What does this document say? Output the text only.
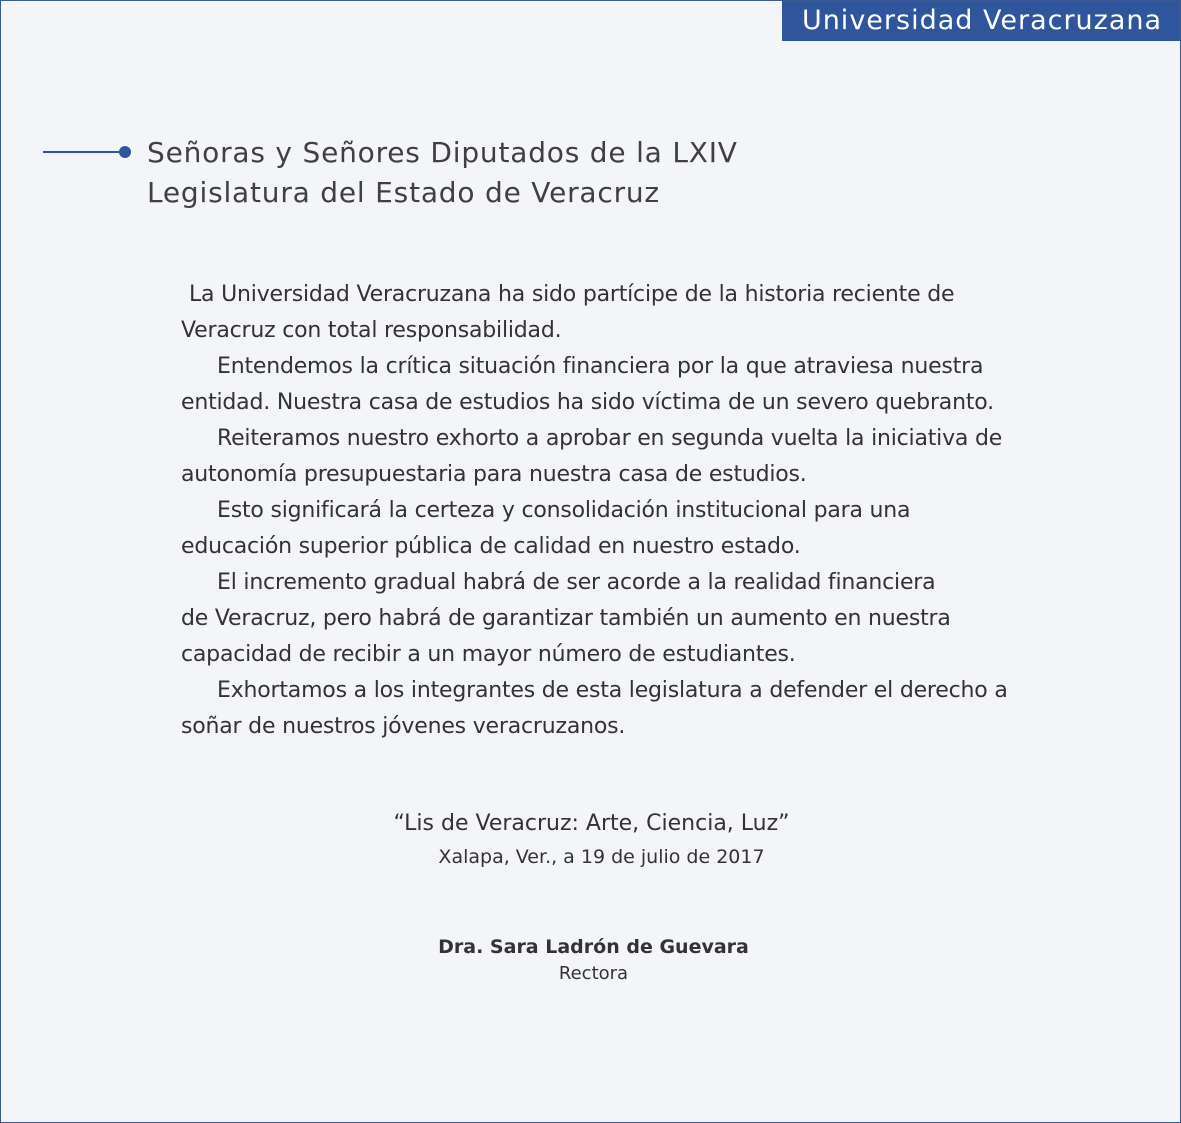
Universidad Veracruzana
Señoras y Señores Diputados de la LXIV
Legislatura del Estado de Veracruz
La Universidad Veracruzana ha sido partícipe de la historia reciente de
Veracruz con total responsabilidad.
Entendemos la crítica situación financiera por la que atraviesa nuestra
entidad. Nuestra casa de estudios ha sido víctima de un severo quebranto.
Reiteramos nuestro exhorto a aprobar en segunda vuelta la iniciativa de
autonomía presupuestaria para nuestra casa de estudios.
Esto significará la certeza y consolidación institucional para una
educación superior pública de calidad en nuestro estado.
El incremento gradual habrá de ser acorde a la realidad financiera
de Veracruz, pero habrá de garantizar también un aumento en nuestra
capacidad de recibir a un mayor número de estudiantes.
Exhortamos a los integrantes de esta legislatura a defender el derecho a
soñar de nuestros jóvenes veracruzanos.
“Lis de Veracruz: Arte, Ciencia, Luz”
Xalapa, Ver., a 19 de julio de 2017
Dra. Sara Ladrón de Guevara
Rectora
